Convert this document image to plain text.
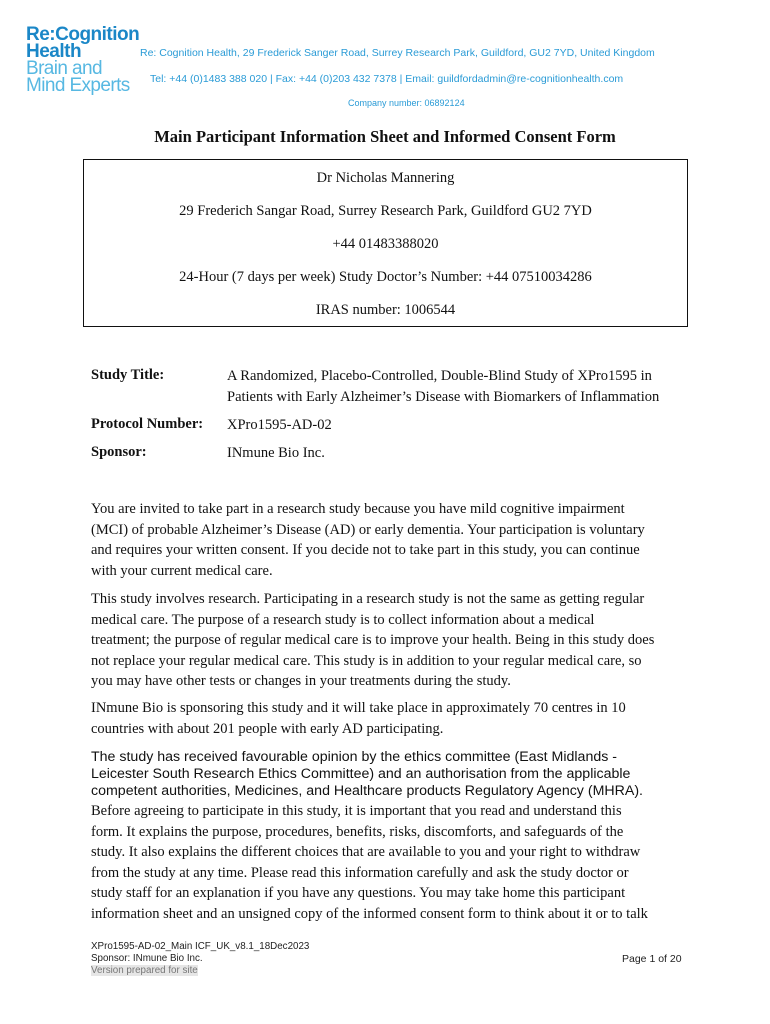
Re:Cognition
Health
Brain and
Mind Experts
Re: Cognition Health, 29 Frederick Sanger Road, Surrey Research Park, Guildford, GU2 7YD, United Kingdom
Tel: +44 (0)1483 388 020 | Fax: +44 (0)203 432 7378 | Email: guildfordadmin@re-cognitionhealth.com
Company number: 06892124
Main Participant Information Sheet and Informed Consent Form
Dr Nicholas Mannering
29 Frederich Sangar Road, Surrey Research Park, Guildford GU2 7YD
+44 01483388020
24-Hour (7 days per week) Study Doctor’s Number: +44 07510034286
IRAS number: 1006544
Study Title:	A Randomized, Placebo-Controlled, Double-Blind Study of XPro1595 in
Patients with Early Alzheimer’s Disease with Biomarkers of Inflammation
Protocol Number: XPro1595-AD-02
Sponsor:	INmune Bio Inc.
You are invited to take part in a research study because you have mild cognitive impairment
(MCI) of probable Alzheimer’s Disease (AD) or early dementia. Your participation is voluntary
and requires your written consent. If you decide not to take part in this study, you can continue
with your current medical care.
This study involves research. Participating in a research study is not the same as getting regular
medical care. The purpose of a research study is to collect information about a medical
treatment; the purpose of regular medical care is to improve your health. Being in this study does
not replace your regular medical care. This study is in addition to your regular medical care, so
you may have other tests or changes in your treatments during the study.
INmune Bio is sponsoring this study and it will take place in approximately 70 centres in 10
countries with about 201 people with early AD participating.
The study has received favourable opinion by the ethics committee (East Midlands -
Leicester South Research Ethics Committee) and an authorisation from the applicable
competent authorities, Medicines, and Healthcare products Regulatory Agency (MHRA).
Before agreeing to participate in this study, it is important that you read and understand this
form. It explains the purpose, procedures, benefits, risks, discomforts, and safeguards of the
study. It also explains the different choices that are available to you and your right to withdraw
from the study at any time. Please read this information carefully and ask the study doctor or
study staff for an explanation if you have any questions. You may take home this participant
information sheet and an unsigned copy of the informed consent form to think about it or to talk
XPro1595-AD-02_Main ICF_UK_v8.1_18Dec2023
Sponsor: INmune Bio Inc.
Version prepared for site
Page 1 of 20
